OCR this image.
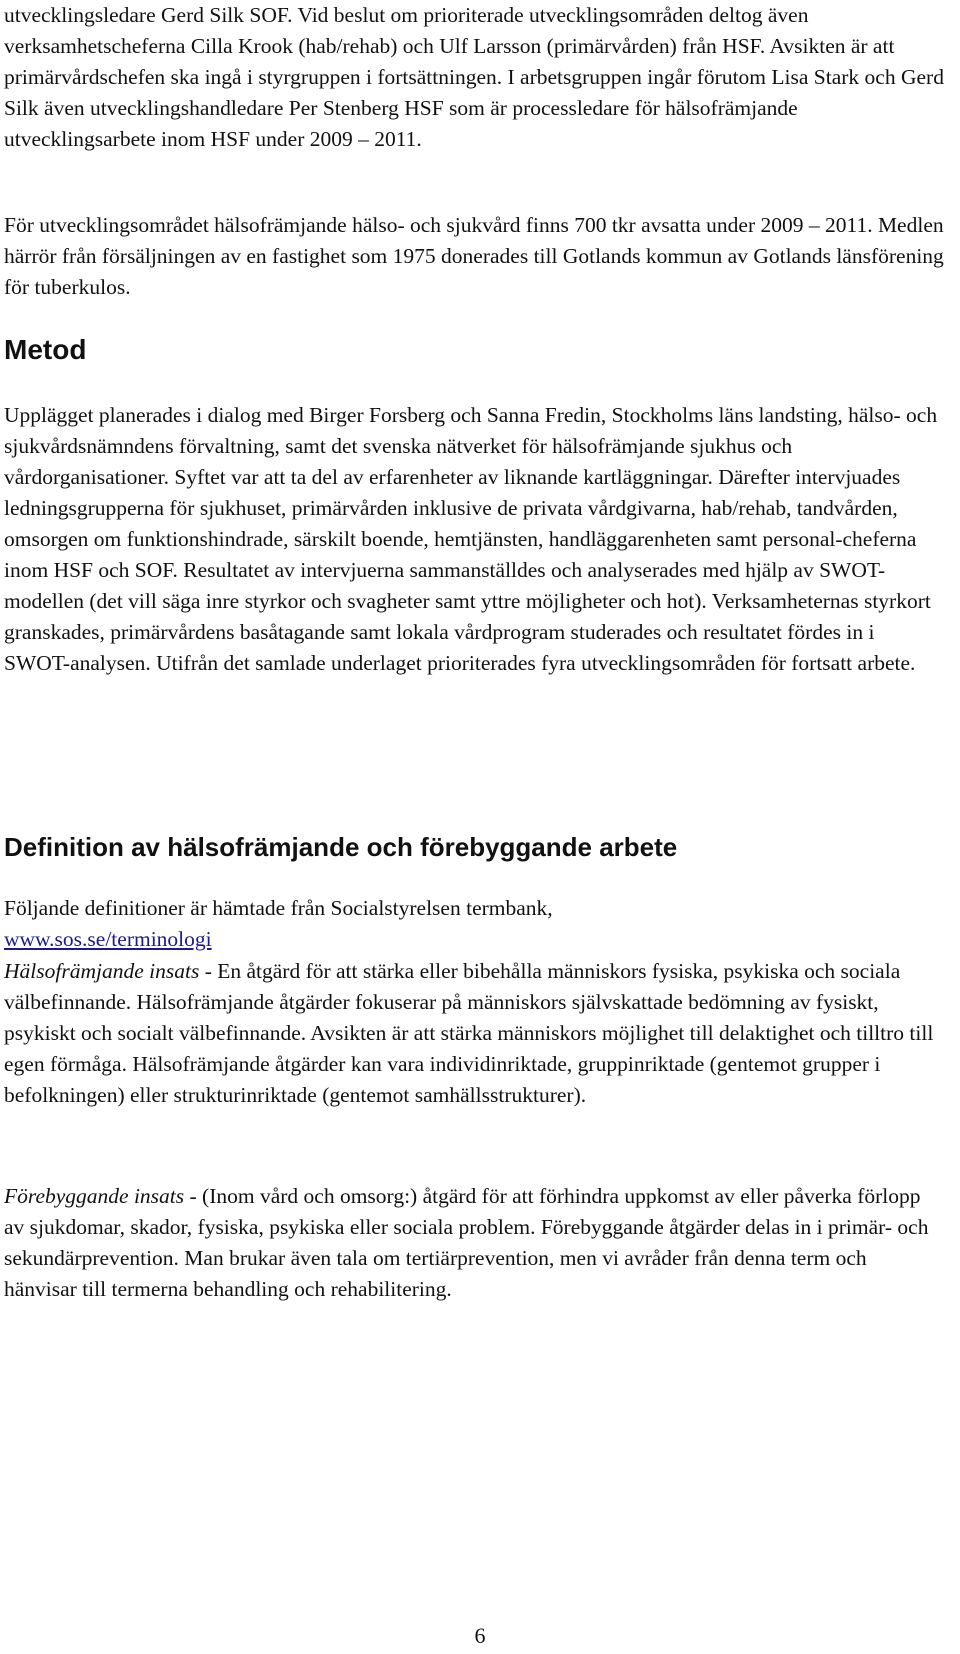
utvecklingsledare Gerd Silk SOF. Vid beslut om prioriterade utvecklingsområden deltog även verksamhetscheferna Cilla Krook (hab/rehab) och Ulf Larsson (primärvården) från HSF. Avsikten är att primärvårdschefen ska ingå i styrgruppen i fortsättningen. I arbetsgruppen ingår förutom Lisa Stark och Gerd Silk även utvecklingshandledare Per Stenberg HSF som är processledare för hälsofrämjande utvecklingsarbete inom HSF under 2009 – 2011.

För utvecklingsområdet hälsofrämjande hälso- och sjukvård finns 700 tkr avsatta under 2009 – 2011. Medlen härrör från försäljningen av en fastighet som 1975 donerades till Gotlands kommun av Gotlands länsförening för tuberkulos.

Metod

Upplägget planerades i dialog med Birger Forsberg och Sanna Fredin, Stockholms läns landsting, hälso- och sjukvårdsnämndens förvaltning, samt det svenska nätverket för hälsofrämjande sjukhus och vårdorganisationer. Syftet var att ta del av erfarenheter av liknande kartläggningar. Därefter intervjuades ledningsgrupperna för sjukhuset, primärvården inklusive de privata vårdgivarna, hab/rehab, tandvården, omsorgen om funktionshindrade, särskilt boende, hemtjänsten, handläggarenheten samt personal-cheferna inom HSF och SOF. Resultatet av intervjuerna sammanställdes och analyserades med hjälp av SWOT-modellen (det vill säga inre styrkor och svagheter samt yttre möjligheter och hot). Verksamheternas styrkort granskades, primärvårdens basåtagande samt lokala vårdprogram studerades och resultatet fördes in i SWOT-analysen. Utifrån det samlade underlaget prioriterades fyra utvecklingsområden för fortsatt arbete.

Definition av hälsofrämjande och förebyggande arbete

Följande definitioner är hämtade från Socialstyrelsen termbank,
www.sos.se/terminologi

Hälsofrämjande insats - En åtgärd för att stärka eller bibehålla människors fysiska, psykiska och sociala välbefinnande. Hälsofrämjande åtgärder fokuserar på människors självskattade bedömning av fysiskt, psykiskt och socialt välbefinnande. Avsikten är att stärka människors möjlighet till delaktighet och tilltro till egen förmåga. Hälsofrämjande åtgärder kan vara individinriktade, gruppinriktade (gentemot grupper i befolkningen) eller strukturinriktade (gentemot samhällsstrukturer).

Förebyggande insats - (Inom vård och omsorg:) åtgärd för att förhindra uppkomst av eller påverka förlopp av sjukdomar, skador, fysiska, psykiska eller sociala problem. Förebyggande åtgärder delas in i primär- och sekundärprevention. Man brukar även tala om tertiärprevention, men vi avråder från denna term och hänvisar till termerna behandling och rehabilitering.

6
